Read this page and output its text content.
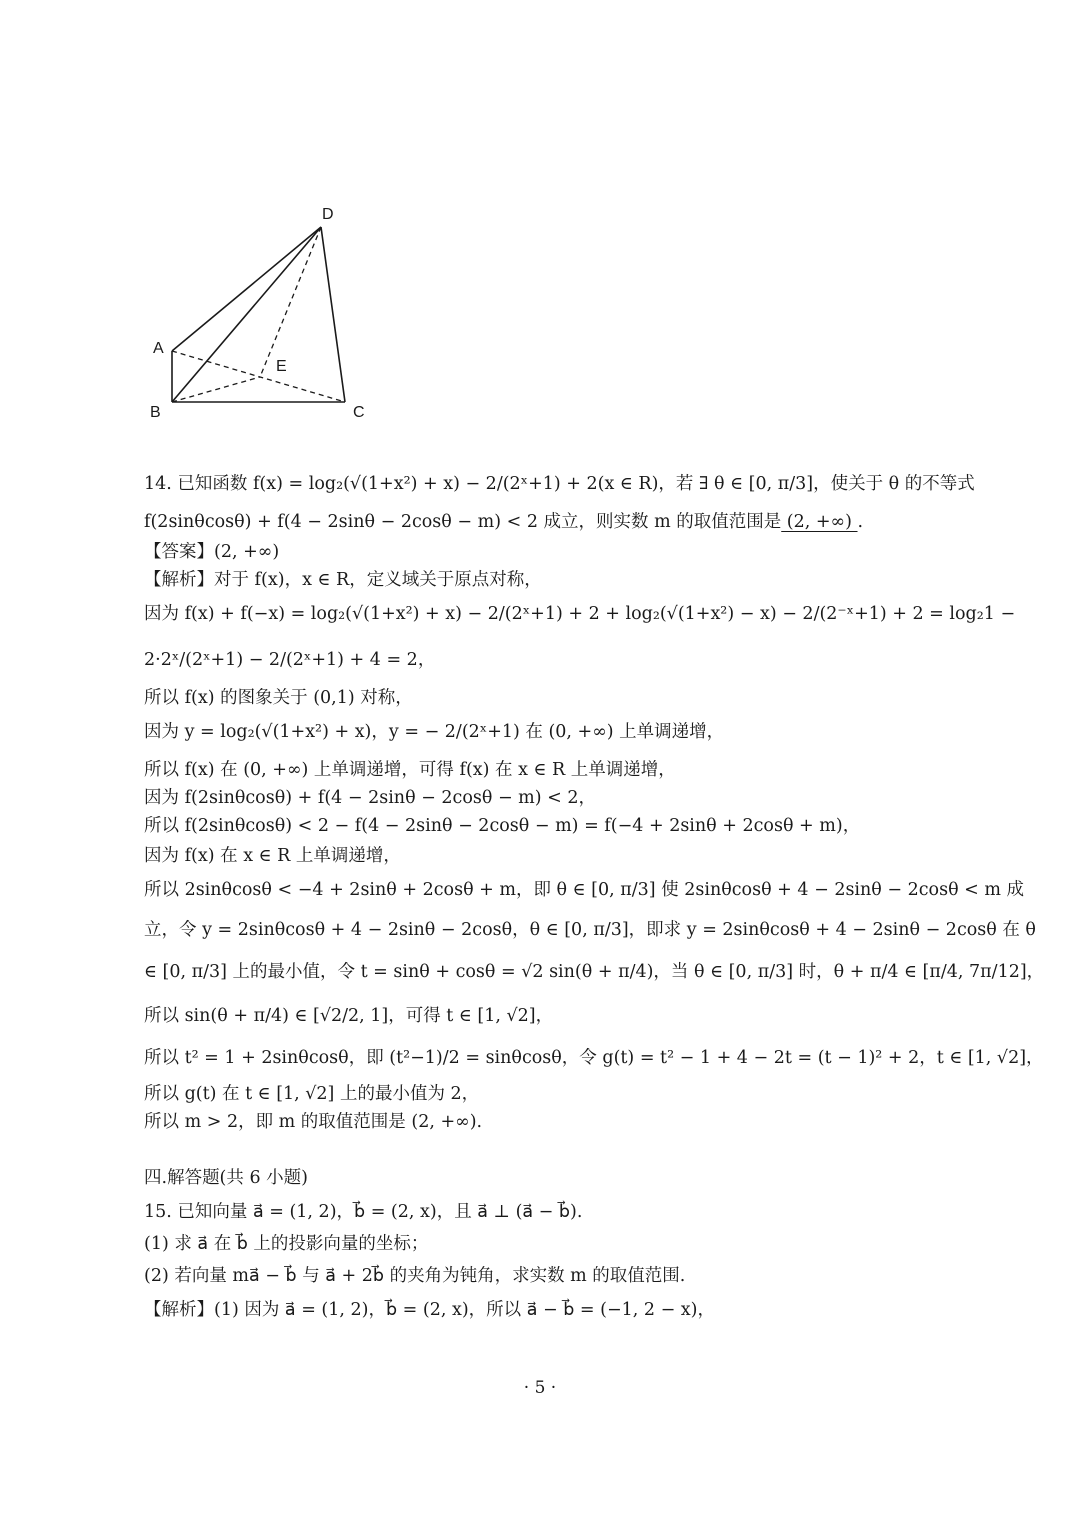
D
A
E
B	C
14. 已知函数 f(x) = log₂(√(1+x²) + x) − 2/(2ˣ+1) + 2(x ∈ R)，若 ∃ θ ∈ [0, π/3]，使关于 θ 的不等式
f(2sinθcosθ) + f(4 − 2sinθ − 2cosθ − m) < 2 成立，则实数 m 的取值范围是 (2, +∞) .
【答案】(2, +∞)
【解析】对于 f(x)，x ∈ R，定义域关于原点对称，
因为 f(x) + f(−x) = log₂(√(1+x²) + x) − 2/(2ˣ+1) + 2 + log₂(√(1+x²) − x) − 2/(2⁻ˣ+1) + 2 = log₂1 −
2·2ˣ/(2ˣ+1) − 2/(2ˣ+1) + 4 = 2，
所以 f(x) 的图象关于 (0,1) 对称，
因为 y = log₂(√(1+x²) + x)，y = − 2/(2ˣ+1) 在 (0, +∞) 上单调递增，
所以 f(x) 在 (0, +∞) 上单调递增，可得 f(x) 在 x ∈ R 上单调递增，
因为 f(2sinθcosθ) + f(4 − 2sinθ − 2cosθ − m) < 2，
所以 f(2sinθcosθ) < 2 − f(4 − 2sinθ − 2cosθ − m) = f(−4 + 2sinθ + 2cosθ + m)，
因为 f(x) 在 x ∈ R 上单调递增，
所以 2sinθcosθ < −4 + 2sinθ + 2cosθ + m，即 θ ∈ [0, π/3] 使 2sinθcosθ + 4 − 2sinθ − 2cosθ < m 成
立，令 y = 2sinθcosθ + 4 − 2sinθ − 2cosθ，θ ∈ [0, π/3]，即求 y = 2sinθcosθ + 4 − 2sinθ − 2cosθ 在 θ
∈ [0, π/3] 上的最小值，令 t = sinθ + cosθ = √2 sin(θ + π/4)，当 θ ∈ [0, π/3] 时，θ + π/4 ∈ [π/4, 7π/12]，
所以 sin(θ + π/4) ∈ [√2/2, 1]，可得 t ∈ [1, √2]，
所以 t² = 1 + 2sinθcosθ，即 (t²−1)/2 = sinθcosθ，令 g(t) = t² − 1 + 4 − 2t = (t − 1)² + 2，t ∈ [1, √2]，
所以 g(t) 在 t ∈ [1, √2] 上的最小值为 2，
所以 m > 2，即 m 的取值范围是 (2, +∞).
四.解答题(共 6 小题)
15. 已知向量 a⃗ = (1, 2)，b⃗ = (2, x)，且 a⃗ ⊥ (a⃗ − b⃗).
(1) 求 a⃗ 在 b⃗ 上的投影向量的坐标；
(2) 若向量 ma⃗ − b⃗ 与 a⃗ + 2b⃗ 的夹角为钝角，求实数 m 的取值范围.
【解析】(1) 因为 a⃗ = (1, 2)，b⃗ = (2, x)，所以 a⃗ − b⃗ = (−1, 2 − x)，
· 5 ·
